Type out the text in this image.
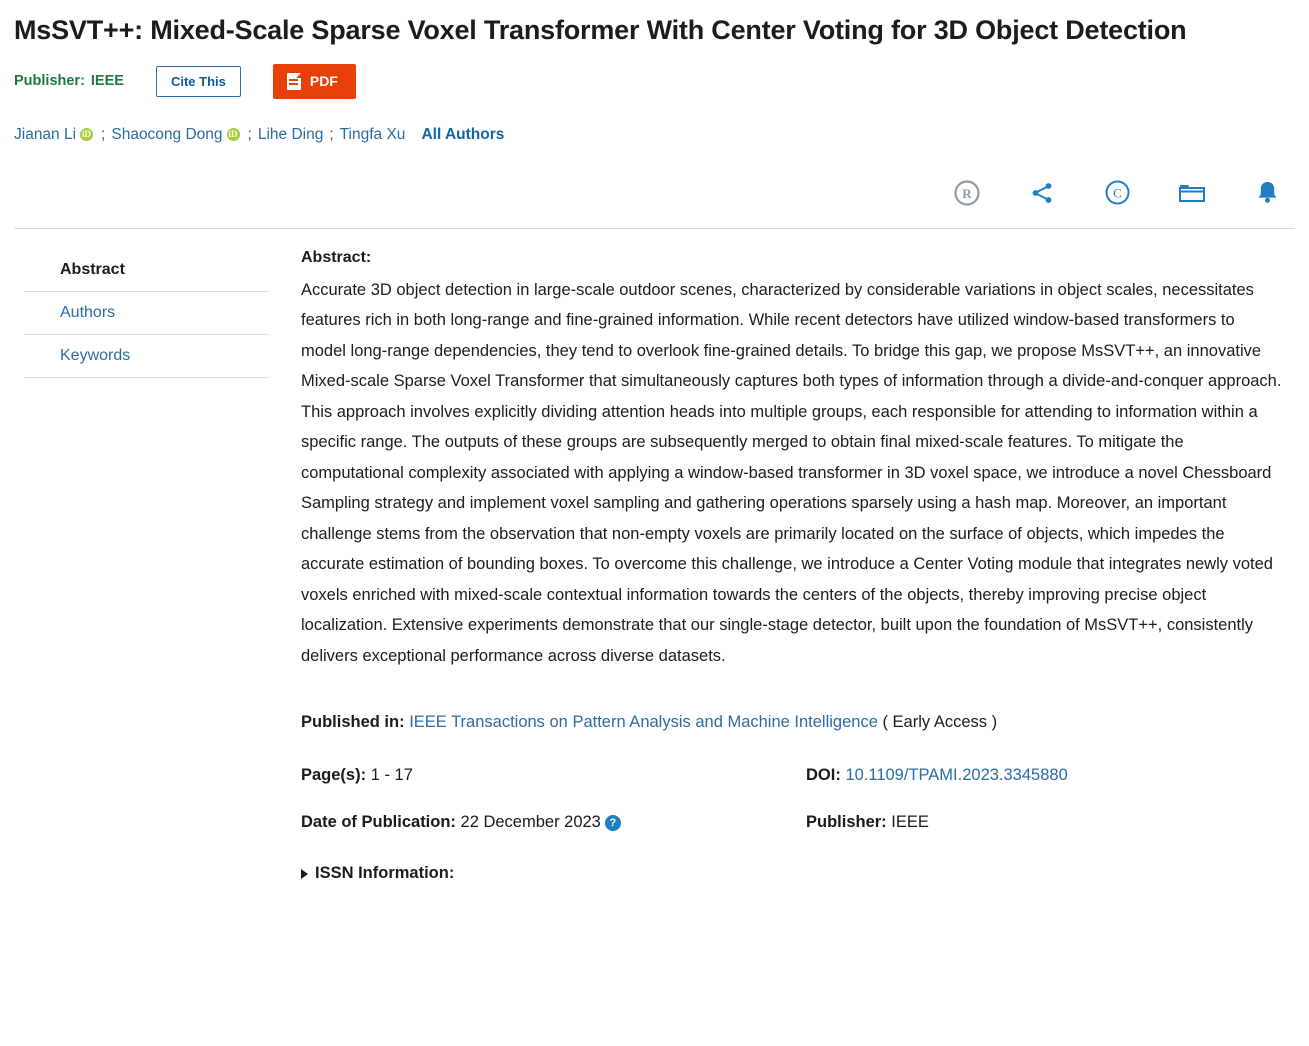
MsSVT++: Mixed-Scale Sparse Voxel Transformer With Center Voting for 3D Object Detection
Publisher: IEEE	Cite This	PDF
Jianan Li iD ; Shaocong Dong iD ; Lihe Ding ; Tingfa Xu All Authors
R	C
Abstract
Authors
Keywords
Abstract:
Accurate 3D object detection in large-scale outdoor scenes, characterized by considerable variations in object scales, necessitates features rich in both long-range and fine-grained information. While recent detectors have utilized window-based transformers to model long-range dependencies, they tend to overlook fine-grained details. To bridge this gap, we propose MsSVT++, an innovative Mixed-scale Sparse Voxel Transformer that simultaneously captures both types of information through a divide-and-conquer approach. This approach involves explicitly dividing attention heads into multiple groups, each responsible for attending to information within a specific range. The outputs of these groups are subsequently merged to obtain final mixed-scale features. To mitigate the computational complexity associated with applying a window-based transformer in 3D voxel space, we introduce a novel Chessboard Sampling strategy and implement voxel sampling and gathering operations sparsely using a hash map. Moreover, an important challenge stems from the observation that non-empty voxels are primarily located on the surface of objects, which impedes the accurate estimation of bounding boxes. To overcome this challenge, we introduce a Center Voting module that integrates newly voted voxels enriched with mixed-scale contextual information towards the centers of the objects, thereby improving precise object localization. Extensive experiments demonstrate that our single-stage detector, built upon the foundation of MsSVT++, consistently delivers exceptional performance across diverse datasets.
Published in: IEEE Transactions on Pattern Analysis and Machine Intelligence ( Early Access )
Page(s): 1 - 17	DOI: 10.1109/TPAMI.2023.3345880
Date of Publication: 22 December 2023 ?	Publisher: IEEE
ISSN Information:
